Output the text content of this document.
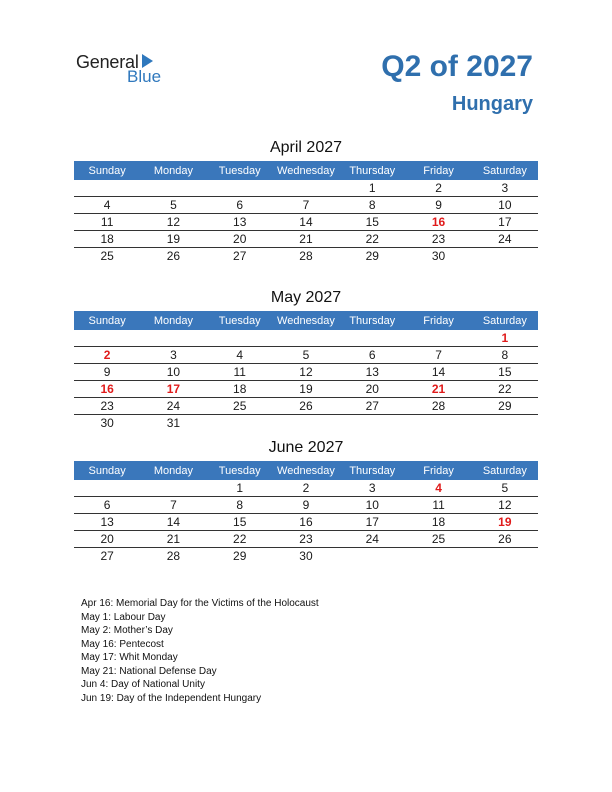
General
Blue	Q2 of 2027
Hungary
April 2027
Sunday	Monday	Tuesday	Wednesday	Thursday	Friday	Saturday
				1	2	3
4	5	6	7	8	9	10
11	12	13	14	15	16	17
18	19	20	21	22	23	24
25	26	27	28	29	30	
May 2027
Sunday	Monday	Tuesday	Wednesday	Thursday	Friday	Saturday
						1
2	3	4	5	6	7	8
9	10	11	12	13	14	15
16	17	18	19	20	21	22
23	24	25	26	27	28	29
30	31					
June 2027
Sunday	Monday	Tuesday	Wednesday	Thursday	Friday	Saturday
		1	2	3	4	5
6	7	8	9	10	11	12
13	14	15	16	17	18	19
20	21	22	23	24	25	26
27	28	29	30			
Apr 16: Memorial Day for the Victims of the Holocaust
May 1: Labour Day
May 2: Mother’s Day
May 16: Pentecost
May 17: Whit Monday
May 21: National Defense Day
Jun 4: Day of National Unity
Jun 19: Day of the Independent Hungary
